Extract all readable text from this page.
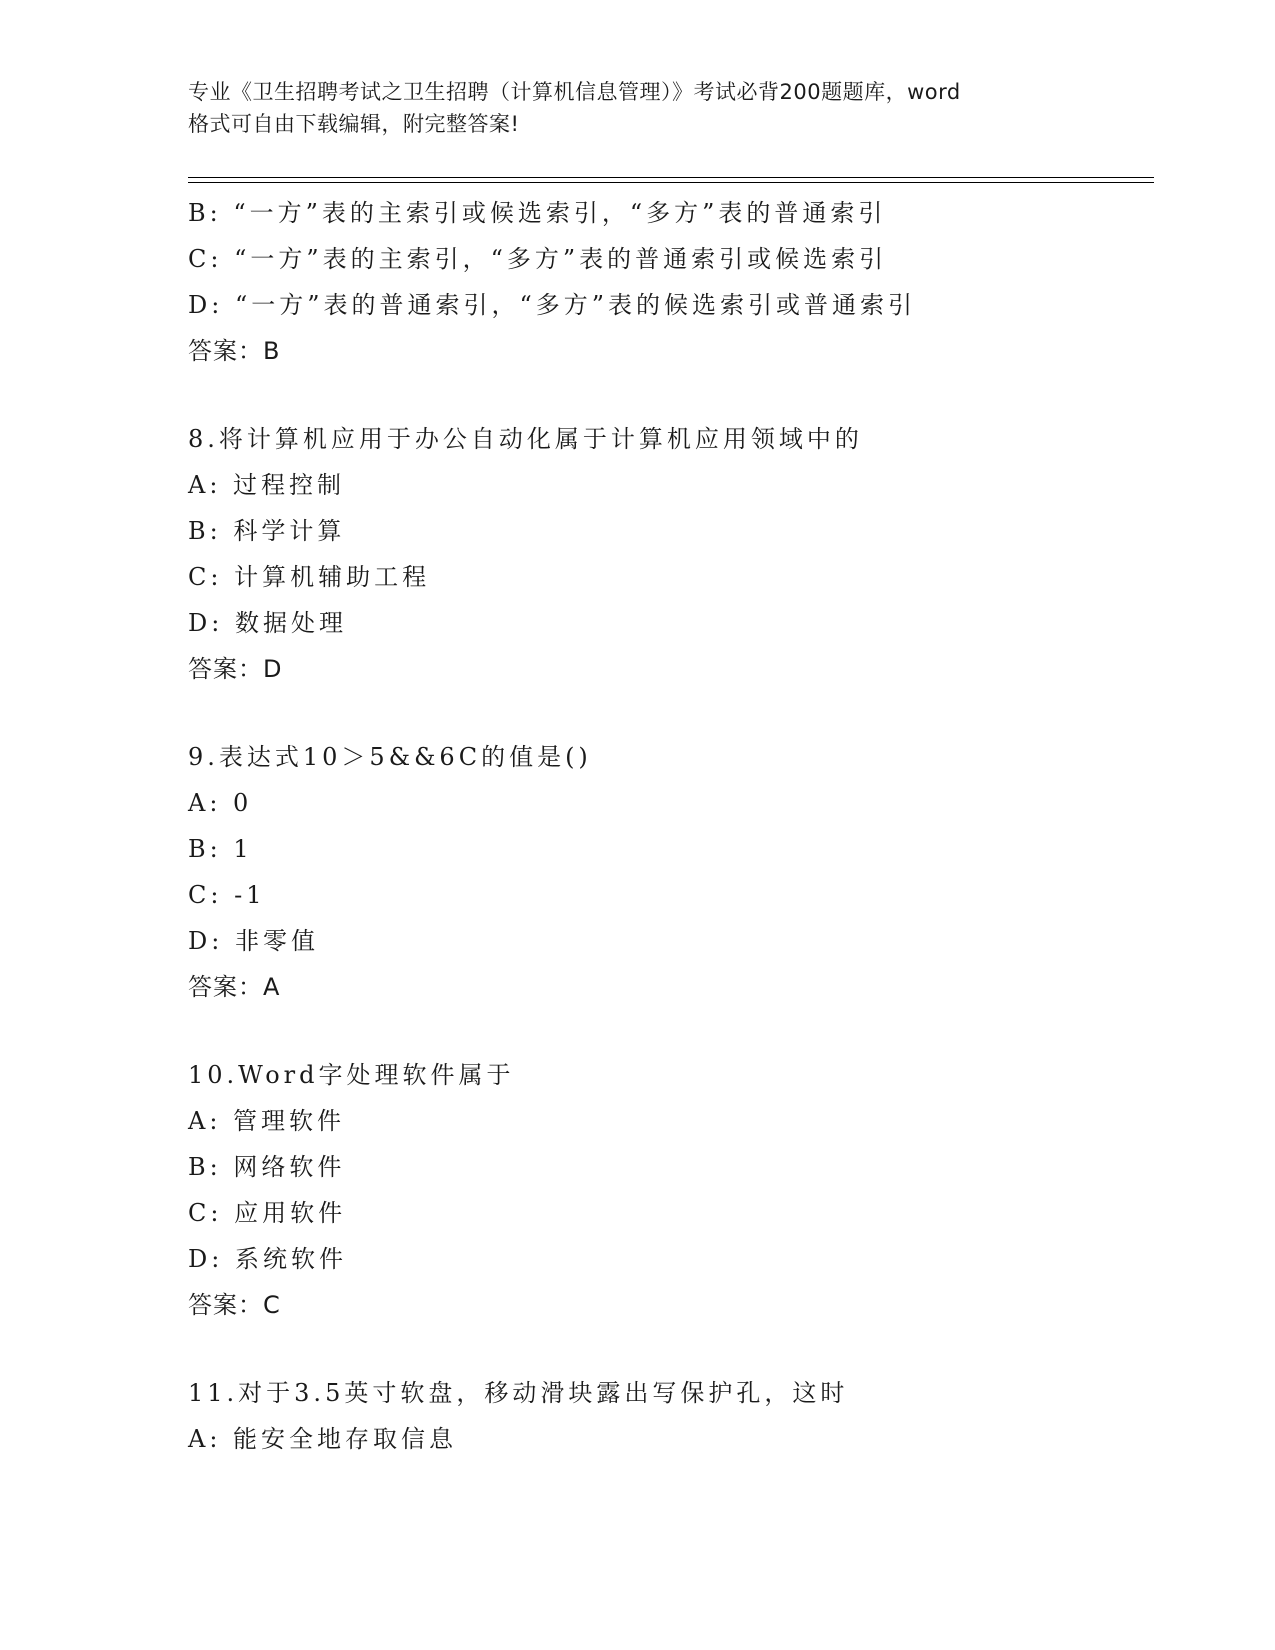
专业《卫生招聘考试之卫生招聘（计算机信息管理）》考试必背200题题库，word
格式可自由下载编辑，附完整答案!
B: “一方”表的主索引或候选索引，“多方”表的普通索引
C: “一方”表的主索引，“多方”表的普通索引或候选索引
D: “一方”表的普通索引，“多方”表的候选索引或普通索引
答案：B
8.将计算机应用于办公自动化属于计算机应用领域中的
A: 过程控制
B: 科学计算
C: 计算机辅助工程
D: 数据处理
答案：D
9.表达式10＞5&&6C的值是()
A: 0
B: 1
C: -1
D: 非零值
答案：A
10.Word字处理软件属于
A: 管理软件
B: 网络软件
C: 应用软件
D: 系统软件
答案：C
11.对于3.5英寸软盘，移动滑块露出写保护孔，这时
A: 能安全地存取信息
